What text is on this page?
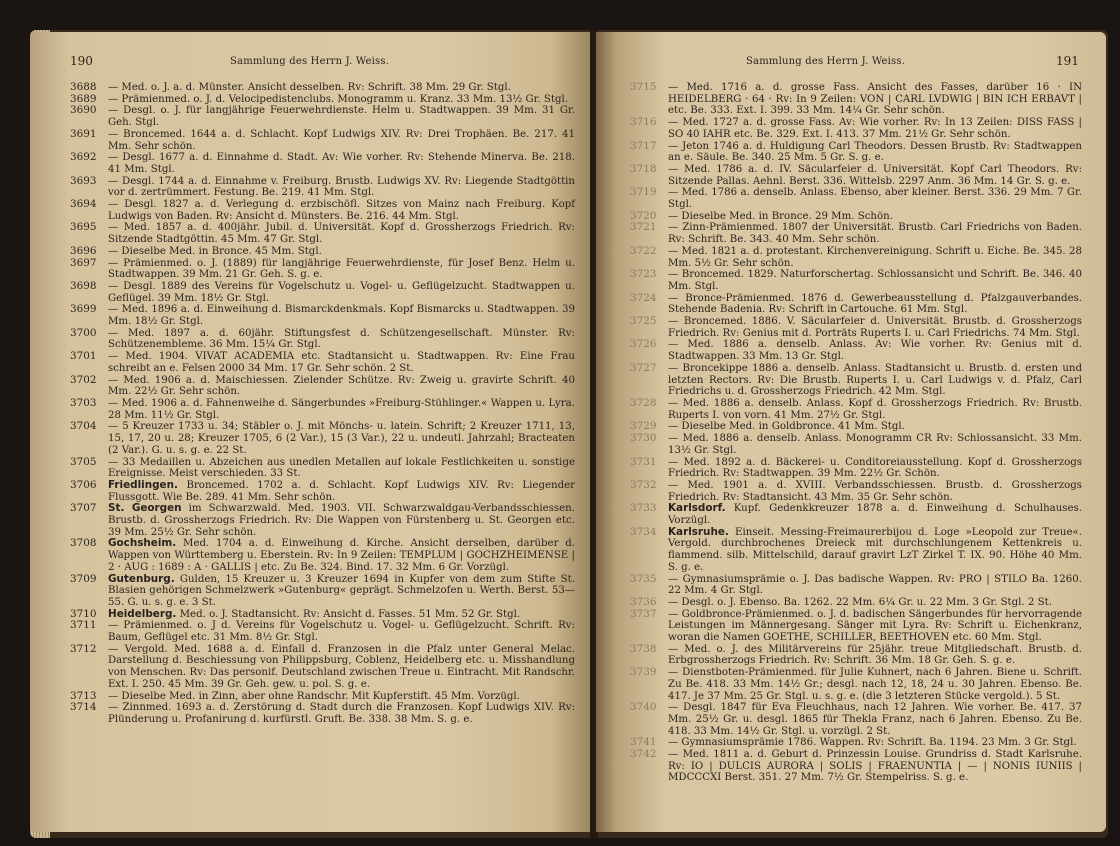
190	Sammlung des Herrn J. Weiss.
3688	— Med. o. J. a. d. Münster. Ansicht desselben. Rv: Schrift. 38 Mm. 29 Gr. Stgl.
3689	— Prämienmed. o. J. d. Velocipedistenclubs. Monogramm u. Kranz. 33 Mm. 13½ Gr. Stgl.
3690	— Desgl. o. J. für langjährige Feuerwehrdienste. Helm u. Stadtwappen. 39 Mm. 31 Gr. Geh. Stgl.
3691	— Broncemed. 1644 a. d. Schlacht. Kopf Ludwigs XIV. Rv: Drei Trophäen. Be. 217. 41 Mm. Sehr schön.
3692	— Desgl. 1677 a. d. Einnahme d. Stadt. Av: Wie vorher. Rv: Stehende Minerva. Be. 218. 41 Mm. Stgl.
3693	— Desgl. 1744 a. d. Einnahme v. Freiburg. Brustb. Ludwigs XV. Rv: Liegende Stadtgöttin vor d. zertrümmert. Festung. Be. 219. 41 Mm. Stgl.
3694	— Desgl. 1827 a. d. Verlegung d. erzbischöfl. Sitzes von Mainz nach Freiburg. Kopf Ludwigs von Baden. Rv: Ansicht d. Münsters. Be. 216. 44 Mm. Stgl.
3695	— Med. 1857 a. d. 400jähr. Jubil. d. Universität. Kopf d. Grossherzogs Friedrich. Rv: Sitzende Stadtgöttin. 45 Mm. 47 Gr. Stgl.
3696	— Dieselbe Med. in Bronce. 45 Mm. Stgl.
3697	— Prämienmed. o. J. (1889) für langjährige Feuerwehrdienste, für Josef Benz. Helm u. Stadtwappen. 39 Mm. 21 Gr. Geh. S. g. e.
3698	— Desgl. 1889 des Vereins für Vogelschutz u. Vogel- u. Geflügelzucht. Stadtwappen u. Geflügel. 39 Mm. 18½ Gr. Stgl.
3699	— Med. 1896 a. d. Einweihung d. Bismarckdenkmals. Kopf Bismarcks u. Stadtwappen. 39 Mm. 18½ Gr. Stgl.
3700	— Med. 1897 a. d. 60jähr. Stiftungsfest d. Schützengesellschaft. Münster. Rv: Schützenembleme. 36 Mm. 15¼ Gr. Stgl.
3701	— Med. 1904. VIVAT ACADEMIA etc. Stadtansicht u. Stadtwappen. Rv: Eine Frau schreibt an e. Felsen 2000 34 Mm. 17 Gr. Sehr schön. 2 St.
3702	— Med. 1906 a. d. Maischiessen. Zielender Schütze. Rv: Zweig u. gravirte Schrift. 40 Mm. 22½ Gr. Sehr schön.
3703	— Med. 1906 a. d. Fahnenweihe d. Sängerbundes »Freiburg-Stühlinger.« Wappen u. Lyra. 28 Mm. 11½ Gr. Stgl.
3704	— 5 Kreuzer 1733 u. 34; Stäbler o. J. mit Mönchs- u. latein. Schrift; 2 Kreuzer 1711, 13, 15, 17, 20 u. 28; Kreuzer 1705, 6 (2 Var.), 15 (3 Var.), 22 u. undeutl. Jahrzahl; Bracteaten (2 Var.). G. u. s. g. e. 22 St.
3705	— 33 Medaillen u. Abzeichen aus unedlen Metallen auf lokale Festlichkeiten u. sonstige Ereignisse. Meist verschieden. 33 St.
3706	Friedlingen. Broncemed. 1702 a. d. Schlacht. Kopf Ludwigs XIV. Rv: Liegender Flussgott. Wie Be. 289. 41 Mm. Sehr schön.
3707	St. Georgen im Schwarzwald. Med. 1903. VII. Schwarzwaldgau-Verbandsschiessen. Brustb. d. Grossherzogs Friedrich. Rv: Die Wappen von Fürstenberg u. St. Georgen etc. 39 Mm. 25½ Gr. Sehr schön.
3708	Gochsheim. Med. 1704 a. d. Einweihung d. Kirche. Ansicht derselben, darüber d. Wappen von Württemberg u. Eberstein. Rv: In 9 Zeilen: TEMPLUM | GOCHZHEIMENSE | 2 · AUG : 1689 : A · GALLIS | etc. Zu Be. 324. Bind. 17. 32 Mm. 6 Gr. Vorzügl.
3709	Gutenburg. Gulden, 15 Kreuzer u. 3 Kreuzer 1694 in Kupfer von dem zum Stifte St. Blasien gehörigen Schmelzwerk »Gutenburg« geprägt. Schmelzofen u. Werth. Berst. 53—55. G. u. s. g. e. 3 St.
3710	Heidelberg. Med. o. J. Stadtansicht. Rv: Ansicht d. Fasses. 51 Mm. 52 Gr. Stgl.
3711	— Prämienmed. o. J d. Vereins für Vogelschutz u. Vogel- u. Geflügelzucht. Schrift. Rv: Baum, Geflügel etc. 31 Mm. 8½ Gr. Stgl.
3712	— Vergold. Med. 1688 a. d. Einfall d. Franzosen in die Pfalz unter General Melac. Darstellung d. Beschiessung von Philippsburg, Coblenz, Heidelberg etc. u. Misshandlung von Menschen. Rv: Das personif. Deutschland zwischen Treue u. Eintracht. Mit Randschr. Ext. I. 250. 45 Mm. 39 Gr. Geh. gew. u. pol. S. g. e.
3713	— Dieselbe Med. in Zinn, aber ohne Randschr. Mit Kupferstift. 45 Mm. Vorzügl.
3714	— Zinnmed. 1693 a. d. Zerstörung d. Stadt durch die Franzosen. Kopf Ludwigs XIV. Rv: Plünderung u. Profanirung d. kurfürstl. Gruft. Be. 338. 38 Mm. S. g. e.
Sammlung des Herrn J. Weiss.	191
3715	— Med. 1716 a. d. grosse Fass. Ansicht des Fasses, darüber 16 · IN HEIDELBERG · 64 · Rv: In 9 Zeilen: VON | CARL LVDWIG | BIN ICH ERBAVT | etc. Be. 333. Ext. I. 399. 33 Mm. 14¼ Gr. Sehr schön.
3716	— Med. 1727 a. d. grosse Fass. Av: Wie vorher. Rv: In 13 Zeilen: DISS FASS | SO 40 IAHR etc. Be. 329. Ext. I. 413. 37 Mm. 21½ Gr. Sehr schön.
3717	— Jeton 1746 a. d. Huldigung Carl Theodors. Dessen Brustb. Rv: Stadtwappen an e. Säule. Be. 340. 25 Mm. 5 Gr. S. g. e.
3718	— Med. 1786 a. d. IV. Säcularfeier d. Universität. Kopf Carl Theodors. Rv: Sitzende Pallas. Aehnl. Berst. 336. Wittelsb. 2297 Anm. 36 Mm. 14 Gr. S. g. e.
3719	— Med. 1786 a. denselb. Anlass. Ebenso, aber kleiner. Berst. 336. 29 Mm. 7 Gr. Stgl.
3720	— Dieselbe Med. in Bronce. 29 Mm. Schön.
3721	— Zinn-Prämienmed. 1807 der Universität. Brustb. Carl Friedrichs von Baden. Rv: Schrift. Be. 343. 40 Mm. Sehr schön.
3722	— Med. 1821 a. d. protestant. Kirchenvereinigung. Schrift u. Eiche. Be. 345. 28 Mm. 5½ Gr. Sehr schön.
3723	— Broncemed. 1829. Naturforschertag. Schlossansicht und Schrift. Be. 346. 40 Mm. Stgl.
3724	— Bronce-Prämienmed. 1876 d. Gewerbeausstellung d. Pfalzgauverbandes. Stehende Badenia. Rv: Schrift in Cartouche. 61 Mm. Stgl.
3725	— Broncemed. 1886. V. Säcularfeier d. Universität. Brustb. d. Grossherzogs Friedrich. Rv: Genius mit d. Porträts Ruperts I. u. Carl Friedrichs. 74 Mm. Stgl.
3726	— Med. 1886 a. denselb. Anlass. Av: Wie vorher. Rv: Genius mit d. Stadtwappen. 33 Mm. 13 Gr. Stgl.
3727	— Broncekippe 1886 a. denselb. Anlass. Stadtansicht u. Brustb. d. ersten und letzten Rectors. Rv: Die Brustb. Ruperts I. u. Carl Ludwigs v. d. Pfalz, Carl Friedrichs u. d. Grossherzogs Friedrich. 42 Mm. Stgl.
3728	— Med. 1886 a. denselb. Anlass. Kopf d. Grossherzogs Friedrich. Rv: Brustb. Ruperts I. von vorn. 41 Mm. 27½ Gr. Stgl.
3729	— Dieselbe Med. in Goldbronce. 41 Mm. Stgl.
3730	— Med. 1886 a. denselb. Anlass. Monogramm CR Rv: Schlossansicht. 33 Mm. 13½ Gr. Stgl.
3731	— Med. 1892 a. d. Bäckerei- u. Conditoreiausstellung. Kopf d. Grossherzogs Friedrich. Rv: Stadtwappen. 39 Mm. 22½ Gr. Schön.
3732	— Med. 1901 a. d. XVIII. Verbandsschiessen. Brustb. d. Grossherzogs Friedrich. Rv: Stadtansicht. 43 Mm. 35 Gr. Sehr schön.
3733	Karlsdorf. Kupf. Gedenkkreuzer 1878 a. d. Einweihung d. Schulhauses. Vorzügl.
3734	Karlsruhe. Einseit. Messing-Freimaurerbijou d. Loge »Leopold zur Treue«. Vergold. durchbrochenes Dreieck mit durchschlungenem Kettenkreis u. flammend. silb. Mittelschild, darauf gravirt LzT Zirkel T. IX. 90. Höhe 40 Mm. S. g. e.
3735	— Gymnasiumsprämie o. J. Das badische Wappen. Rv: PRO | STILO Ba. 1260. 22 Mm. 4 Gr. Stgl.
3736	— Desgl. o. J. Ebenso. Ba. 1262. 22 Mm. 6¼ Gr. u. 22 Mm. 3 Gr. Stgl. 2 St.
3737	— Goldbronce-Prämienmed. o. J. d. badischen Sängerbundes für hervorragende Leistungen im Männergesang. Sänger mit Lyra. Rv: Schrift u. Eichenkranz, woran die Namen GOETHE, SCHILLER, BEETHOVEN etc. 60 Mm. Stgl.
3738	— Med. o. J. des Militärvereins für 25jähr. treue Mitgliedschaft. Brustb. d. Erbgrossherzogs Friedrich. Rv: Schrift. 36 Mm. 18 Gr. Geh. S. g. e.
3739	— Dienstboten-Prämienmed. für Julie Kuhnert, nach 6 Jahren. Biene u. Schrift. Zu Be. 418. 33 Mm. 14½ Gr.; desgl. nach 12, 18, 24 u. 30 Jahren. Ebenso. Be. 417. Je 37 Mm. 25 Gr. Stgl. u. s. g. e. (die 3 letzteren Stücke vergold.). 5 St.
3740	— Desgl. 1847 für Eva Fleuchhaus, nach 12 Jahren. Wie vorher. Be. 417. 37 Mm. 25½ Gr. u. desgl. 1865 für Thekla Franz, nach 6 Jahren. Ebenso. Zu Be. 418. 33 Mm. 14½ Gr. Stgl. u. vorzügl. 2 St.
3741	— Gymnasiumsprämie 1786. Wappen. Rv: Schrift. Ba. 1194. 23 Mm. 3 Gr. Stgl.
3742	— Med. 1811 a. d. Geburt d. Prinzessin Louise. Grundriss d. Stadt Karlsruhe. Rv: IO | DULCIS AURORA | SOLIS | FRAENUNTIA | — | NONIS IUNIIS | MDCCCXI Berst. 351. 27 Mm. 7½ Gr. Stempelriss. S. g. e.
